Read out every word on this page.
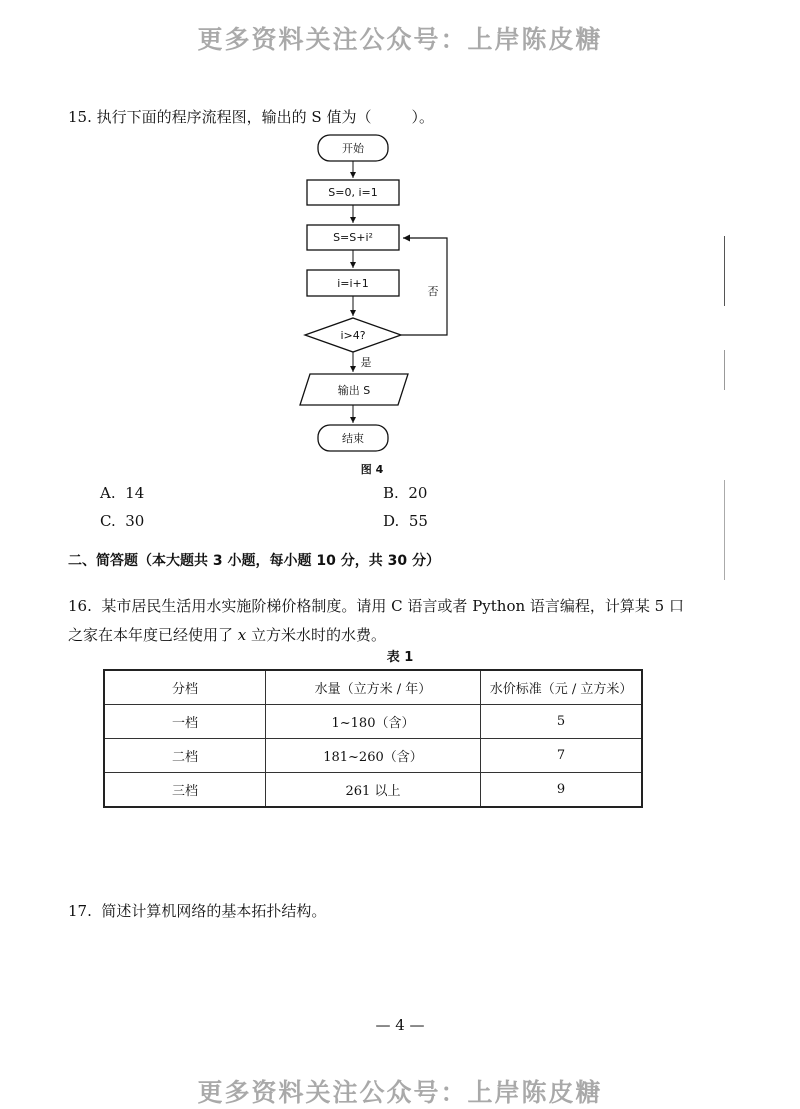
更多资料关注公众号：上岸陈皮糖
15. 执行下面的程序流程图，输出的 S 值为（	）。
开始
S=0, i=1
S=S+i²
i=i+1
i>4?
否
是
输出 S
结束
图 4
A. 14	B. 20
C. 30	D. 55
二、简答题（本大题共 3 小题，每小题 10 分，共 30 分）
16. 某市居民生活用水实施阶梯价格制度。请用 C 语言或者 Python 语言编程，计算某 5 口
之家在本年度已经使用了 x 立方米水时的水费。
表 1
分档	水量（立方米 / 年）	水价标准（元 / 立方米）
一档	1~180（含）	5
二档	181~260（含）	7
三档	261 以上	9
17. 简述计算机网络的基本拓扑结构。
— 4 —
更多资料关注公众号：上岸陈皮糖
